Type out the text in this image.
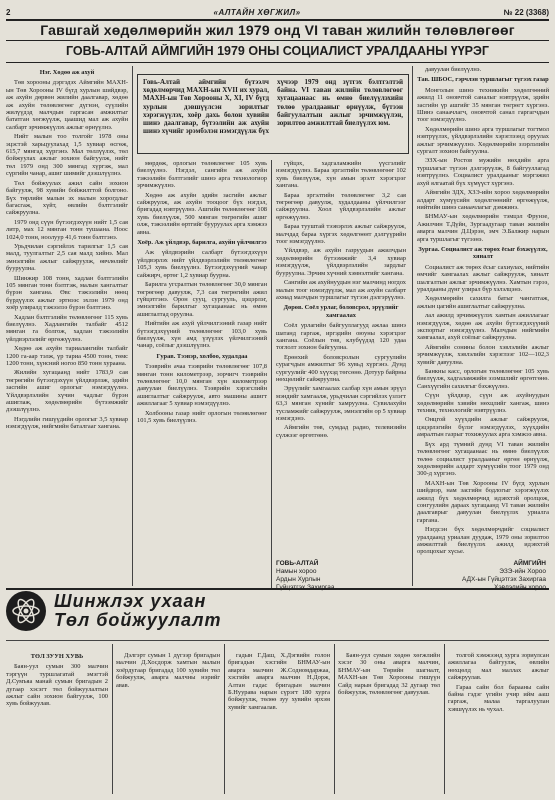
2	«АЛТАЙН ХӨГЖИЛ»	№ 22 (3368)
Гавшгай хөдөлмөрийн жил 1979 онд VI таван жилийн төлөвлөгөөг
ГОВЬ-АЛТАЙ АЙМГИЙН 1979 ОНЫ СОЦИАЛИСТ УРАЛДААНЫ ҮҮРЭГ
Говь-Алтай аймгийн бүтээлч хөдөлмөрчид МАХН-ын XVII их хурал, МАХН-ын Төв Хорооны X, XI, IV бүгд хурлын дэвшүүлсэн зорилтыг хэрэгжүүлэх, хоёр дахь болон хувийн шинэ даалгавар, бүтээлийн аж ахуйн шинэ хүчийг эрэмбэлэн нэмэгдүүлж бүх хүчээр 1979 онд зүтгэх бэлтгэлтэй байна. VI таван жилийн төлөвлөгөөг хугацаанаас нь өмнө биелүүлэхийн төлөө уралдааныг өрнүүлж, бүтээн байгуулалтын ажлыг эрчимжүүлэн, зорилтоо амжилттай биелүүлэх юм.

Нэг. Хөдөө аж ахуй

Төв хорооны дэргэдэх Аймгийн МАХН-ын Төв Хорооны IV бүгд хурлын шийдвэр, аж ахуйн дөрвөн жилийн даалгавар, хөдөө аж ахуйн төлөвлөгөөг дүгнэн, сүүлийн жилүүдэд малчдын гаргасан амжилтыг бататган хөгжүүлж, цаашид мал аж ахуйн салбарт эрчимжүүлэх ажлыг өрнүүлнэ.

Нийт малын тоо толгойг 1978 оны эцэстэй харьцуулахад 1,5 хувиар өсгөж, 615,7 мянгад хүргэнэ. Мал төллүүлэх, төл бойжуулах ажлыг зохион байгуулж, нийт төл 1979 онд 300 мянгад хүргэж, мал сүргийн чанар, ашиг шимийг дээшлүүлнэ.

Төл бойжуулах ажил сайн зохион байгуулж, 98 хувийн бойжилттой болгоно. Бүх төрлийн малын эх малын хорогдлыг багасгаж, хүйт, өвлийн бэлтгэлийг сайжруулна.

1979 онд сүүн бүтээгдэхүүн нийт 1,5 сая литр, мах 12 мянган тонн тушаана. Ноос 1024,0 тонн, ноолуур 41,6 тонн бэлтгэнэ.

Урьдчилан сэргийлэх тарилгыг 1,5 сая малд, туулгалтыг 2,5 сая малд хийнэ. Мал эмнэлгийн ажлыг сайжруулж, өвчлөлийг бууруулна.

Шинжир 108 тонн, хадлан бэлтгэлийн 105 мянган тонн бэлтгэж, малын хангалтыг бүрэн хангана. Өвс тэжээлийн нөөц бүрдүүлэх ажлыг эртнээс эхлэн 1979 онд хоёр улиралд тэжээлээ бүрэн бэлтгэнэ.

Хадлан бэлтгэлийн төлөвлөгөөг 115 хувь биелүүлнэ. Хадлангийн талбайг 4512 мянган га болгож, хадлан тэжээлийн үйлдвэрлэлийг өргөжүүлнэ.

Хөдөө аж ахуйн тариалангийн талбайг 1200 га-аар тэлж, үр тариа 4500 тонн, төмс 1200 тонн, хүнсний ногоо 850 тонн хураана.

Жилийн хугацаанд нийт 1783,9 сая төгрөгийн бүтээгдэхүүн үйлдвэрлэж, эдийн засгийн ашиг орлогыг нэмэгдүүлнэ. Үйлдвэрлэлийн хүчин чадлыг бүрэн ашиглаж, хөдөлмөрийн бүтээмжийг дээшлүүлнэ.

Нэгдлийн гишүүдийн орлогыг 3,5 хувиар нэмэгдүүлж, нийгмийн баталгааг хангана.

мөрдөж, орлогын төлөвлөгөөг 105 хувь биелүүлнэ. Нэгдэл, сангийн аж ахуйн тэжээлийн бэлтгэлийг шинэ арга технологиор эрчимжүүлнэ.

Хөдөө аж ахуйн эдийн засгийн ажлыг сайжруулж, аж ахуйн тооцоог бүх нэгдэл, бригадад нэвтрүүлнэ. Ашгийн төлөвлөгөөг 108 хувь биелүүлж, 500 мянган төгрөгийн ашиг олж, тэжээлийн өртгийг бууруулах арга хэмжээ авна.

Хоёр. Аж үйлдвэр, барилга, ахуйн үйлчилгээ

Аж үйлдвэрийн салбарт бүтээгдэхүүн үйлдвэрлэх нийт үйлдвэрлэлийн төлөвлөгөөг 105,3 хувь биелүүлнэ. Бүтээгдэхүүний чанар сайжирч, өртөг 1,2 хувиар буурна.

Барилга угсралтын төлөвлөгөөг 30,0 мянган төгрөгөөр давуулж, 7,3 сая төгрөгийн ажил гүйцэтгэнэ. Орон сууц, сургууль, цэцэрлэг, эмнэлгийн барилгыг хугацаанаас нь өмнө ашиглалтад оруулна.

Нийтийн аж ахуй үйлчилгээний газар нийт бүтээгдэхүүний төлөвлөгөөг 103,0 хувь биелүүлж, хүн амд үзүүлэх үйлчилгээний чанар, соёлыг дээшлүүлнэ.

Гурав. Тээвэр, холбоо, худалдаа

Тээврийн ачаа тээврийн төлөвлөгөөг 107,8 мянган тонн километрээр, зорчигч тээврийн төлөвлөгөөг 10,0 мянган хүн километрээр давуулан биелүүлнэ. Тээврийн хэрэгслийн ашиглалтыг сайжруулж, авто машины ашигт ажиллагааг 5 хувиар нэмэгдүүлнэ.

Холбооны газар нийт орлогын төлөвлөгөөг 101,5 хувь биелүүлнэ.

гүйцэх, хадгаламжийн үүсгэлийг нэмэгдүүлнэ. Бараа эргэлтийн төлөвлөгөөг 102 хувь биелүүлж, хүн амын эрэлт хэрэгцээг хангана.

Бараа эргэлтийн төлөвлөгөөг 3,2 сая төгрөгөөр давуулж, худалдааны үйлчилгээг сайжруулна. Хоол үйлдвэрлэлийн ажлыг өргөжүүлнэ.

Бараа тууштай тээвэрлэх ажлыг сайжруулж, малчдад бараа хүргэх хөдөлгөөнт дэлгүүрийн тоог нэмэгдүүлнэ.

Үйлдвэр, аж ахуйн газруудын ажилчдын хөдөлмөрийн бүтээмжийг 3,4 хувиар нэмэгдүүлж, үйлдвэрлэлийн зардлыг бууруулна. Эрчим хүчний хэмнэлтийг хангана.

Сангийн аж ахуйнуудын нэг малчинд ногдох малын тоог нэмэгдүүлж, мал аж ахуйн салбарт ахмад малчдын туршлагыг түгээн дэлгэрүүлнэ.

Дөрөв. Соёл урлаг, боловсрол, эрүүлийг хамгаалах

Соёл урлагийн байгууллагууд ажлаа шинэ шатанд гаргаж, иргэдийн оюуны хэрэгцээг хангана. Соёлын төв, клубүүдэд 120 удаа тоглолт зохион байгуулна.

Ерөнхий боловсролын сургуулийн сурагчдын амжилтыг 96 хувьд хүргэнэ. Дунд сургуулийг 400 хүүхэд төгсөнө. Дотуур байрны нөхцөлийг сайжруулна.

Эрүүлийг хамгаалах салбар хүн амын эрүүл мэндийг хамгаалж, урьдчилан сэргийлэх үзлэгт 63,3 мянган хүнийг хамруулна. Сувилахуйн тусламжийг сайжруулж, эмнэлгийн ор 5 хувиар нэмэгдэнэ.

Аймгийн төв, сумдад радио, телевизийн сүлжээг өргөтгөнө.

давуулан биелүүлнэ.

Тав. ШБОС, гэрчлэн туршлагыг түгээх газар

Монголын шинэ техникийн хөдөлгөөний ажилд 11 оновчтой саналыг нэвтрүүлж, эдийн засгийн үр ашгийг 35 мянган төгрөгт хүргэнэ. Шинэ санаачлагч, оновчтой санал гаргагчдын тоог нэмэгдүүлнэ.

Хөдөлмөрийн шинэ арга туршлагыг тогтмол нэвтрүүлэх, үйлдвэрлэлийн хэрэглээнд оруулах ажлыг эрчимжүүлнэ. Хөдөлмөрийн эзэрлэлийн сургалт зохион байгуулна.

ЭЗХ-ын Ростов мужийн нөхдийн арга туршлагыг түгээн дэлгэрүүлж, 8 байгууллагад нэвтрүүлнэ. Социалист уралдааныг мэргэжил ахуй ялгаатай бүх хүмүүст хүргэнэ.

Аймгийн ЗДХ, ХЗЭ-ийн хороо хөдөлмөрийн алдарт хүмүүсийн хөдөлгөөнийг өргөжүүлж, нийтийн шинэ санаачлагыг дэмжинэ.

БНМАУ-ын хөдөлмөрийн тэмцэл Фрунзе, Ажилчин Т.Дүйн, Зургаадугаар таван жилийн аварга малчин Д.Цэрэн, эмч Э.Балжир нарын арга туршлагыг түгээнэ.

Зургаа. Социалист аж төрөх ёсыг бэхжүүлэх, хяналт

Социалист аж төрөх ёсыг сахиулах, нийтийн өмчийг хамгаалах ажлыг сайжруулж, хяналт шалгалтын ажлыг эрчимжүүлнэ. Хамтын гэрээ, уралдааны дүнг улирал бүр хэлэлцэнэ.

Хөдөлмөрийн сахилга батыг чангатгаж, ажлын цагийн ашиглалтыг сайжруулна.

лал ажилд эрчимжүүлэх хамтын ажиллагааг нэмэгдүүлж, хөдөө аж ахуйн бүтээгдэхүүний экспортыг нэмэгдүүлнэ. Малчдын нийгмийн хамгаалал, ахуй соёлыг сайжруулна.

Аймгийн сонины болон хэвлэлийн ажлыг эрчимжүүлж, хэвлэлийн хэрэглээг 102—102,3 хувийг давуулна.

Банкны касс, орлогын төлөвлөгөөг 105 хувь биелүүлж, хадгаламжийн эзэмшлийг өргөтгөнө. Санхүүгийн сахилгыг бэхжүүлнэ.

Сүүн үйлдвэр, сүүн аж ахуйнуудын хөдөлмөрийн хэвийн нөхцлийг хангаж, шинэ техник, технологийг нэвтрүүлнэ.

Онцгой хүүхдийн ажлыг сайжруулж, цэцэрлэгийн бүлэг нэмэгдүүлэх, хүүхдийн амралтын газрыг тохижуулах арга хэмжээ авна.

Бүх ард түмний дунд VI таван жилийн төлөвлөгөөг хугацаанаас нь өмнө биелүүлэх төлөө социалист уралдааныг өргөн өрнүүлж, хөдөлмөрийн алдарт хүмүүсийн тоог 1979 онд 300-д хүргэнэ.

МАХН-ын Төв Хорооны IV бүгд хурлын шийдвэр, нам засгийн бодлогыг хэрэгжүүлэх ажилд бүх хөдөлмөрчид идэвхтэй оролцож, сонгуулийн дараах хугацаанд VI таван жилийн даалгаврыг давуулан биелүүлэх уриалга гаргана.

Нэгдсэн бүх хөдөлмөрчдийг социалист уралдаанд уриалан дуудаж, 1979 оны зорилтоо амжилттай биелүүлэх ажилд идэвхтэй оролцохыг хүсье.

ГОВЬ-АЛТАЙ	АЙМГИЙН
Намын хороо
Ардын Хурлын
ЭЗЭ-ийн Хороо
АДХ-ын Гүйцэтгэх Захиргаа
Шинжлэх ухаан
Төл бойжуулалт

ТӨЛ ЗУУН ХУВЬ

Баян-уул сумын 300 малчин тэргүүн туршлагатай эмэгтэй Д.Сумъяа манай сумын бригадын 2 дугаар хэсэгт төл бойжуулалтын ажлыг сайн зохион байгуулж, 100 хувь бойжуулав.

Дэлгэрт сумын 1 дүгээр бригадын малчин Д.Хосдорж хамтын малын хоёрдугаар бригадад 100 хувийн төл бойжуулж, аварга малчны нэрийг авав.

гадын Г.Даш, Х.Дэгвийн голон бригадын хэсгийн БНМАУ-ын аварга малчин Ж.Содномдаржаа, хэсгийн аварга малчин Н.Дорж, Алтан гадас бригадын малчин Б.Нуурава нарын сүрэгт 180 хурга бойжуулж, төлөө зуу хувийн эрхэм хувийг хамгаалав.

Баян-уул сумын хөдөө хөгжлийн хэсэг 30 оны аварга малчин, БНМАУ-ын Төрийн шагналт, МАХН-ын Төв Хорооны гишүүн Сайд нарын бригадад 32 дугаар төл бойжуулж, төлөвлөгөөг давуулав.

толгой хэмжээнд хурга зориулсан ажиллагаа байгуулж, өвлийн нөхцөлд мал маллах ажлыг сайжруулав.

Гараа сайн бол барааны сайн байна гэдэг үгийн учир ийм ааш гаргаж, малаа таргалуулан хэвшүүлэх нь чухал.
